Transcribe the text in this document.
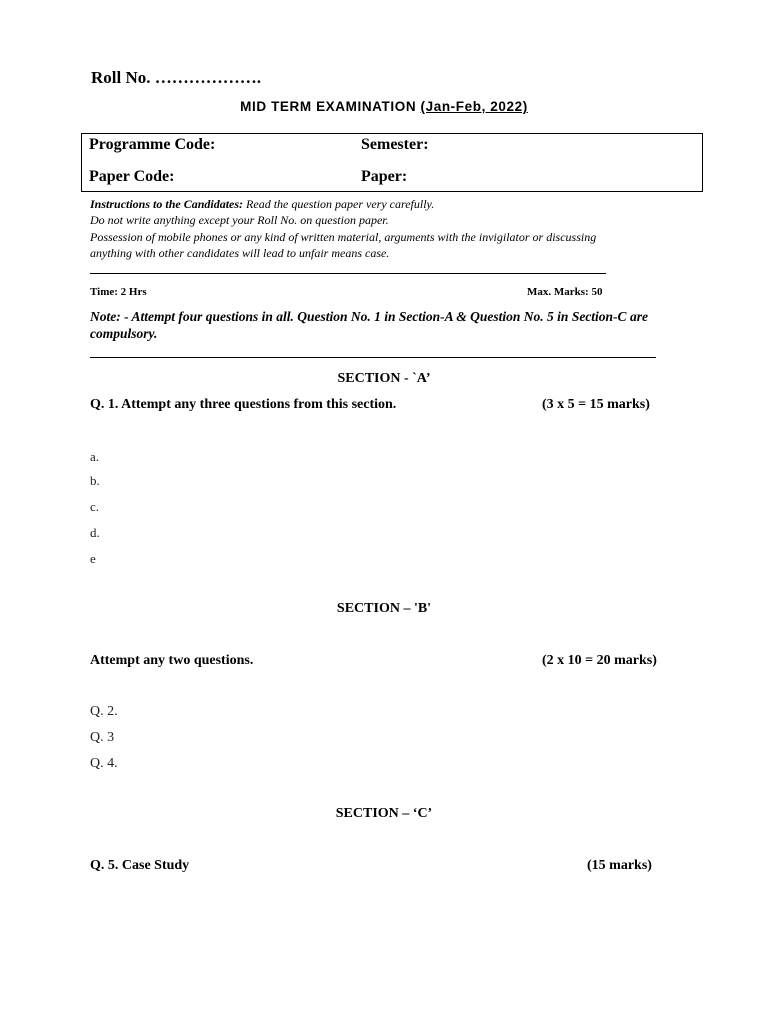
Roll No. ……………….
MID TERM EXAMINATION (Jan-Feb, 2022)
Programme Code:	Semester:
Paper Code:	Paper:
Instructions to the Candidates: Read the question paper very carefully.
Do not write anything except your Roll No. on question paper.
Possession of mobile phones or any kind of written material, arguments with the invigilator or discussing
anything with other candidates will lead to unfair means case.
Time: 2 Hrs	Max. Marks: 50
Note: - Attempt four questions in all. Question No. 1 in Section-A & Question No. 5 in Section-C are compulsory.
SECTION - `A’
Q. 1. Attempt any three questions from this section.	(3 x 5 = 15 marks)
a.
b.
c.
d.
e
SECTION – 'B'
Attempt any two questions.	(2 x 10 = 20 marks)
Q. 2.
Q. 3
Q. 4.
SECTION – ‘C’
Q. 5. Case Study	(15 marks)
